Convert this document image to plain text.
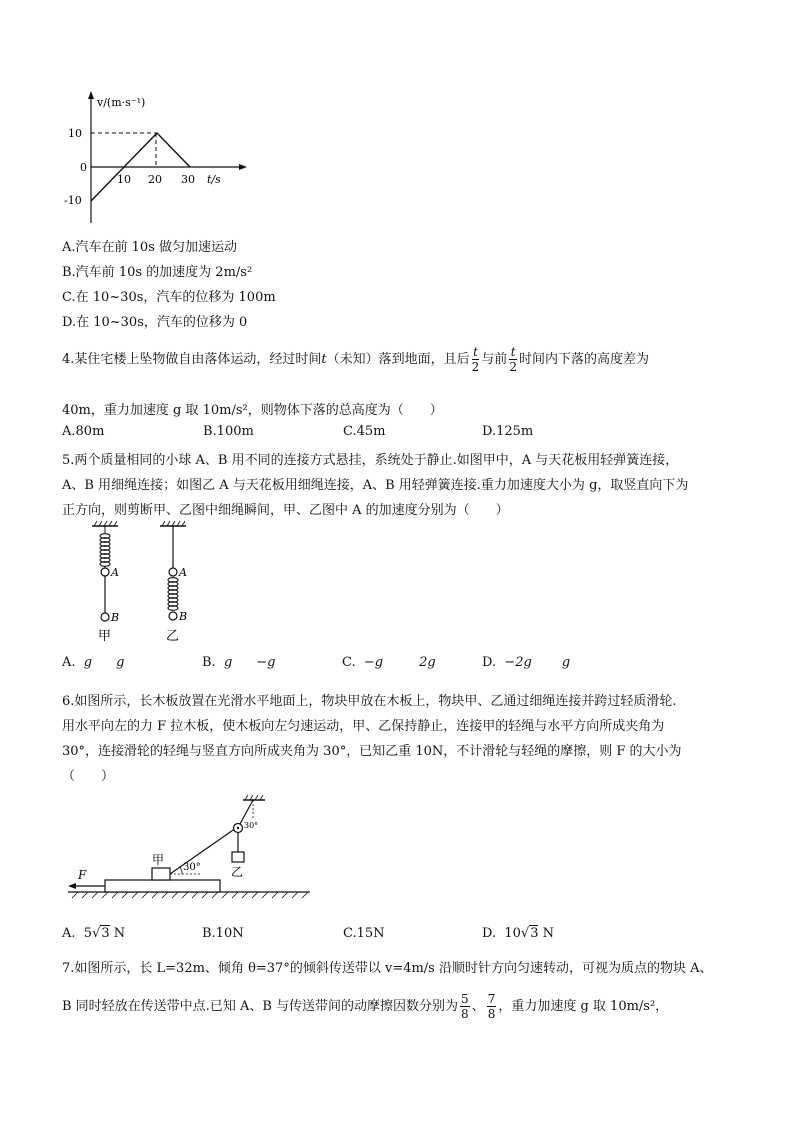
v/(m·s⁻¹)
10
0
-10
10 20 30 t/s
A.汽车在前 10s 做匀加速运动
B.汽车前 10s 的加速度为 2m/s²
C.在 10~30s，汽车的位移为 100m
D.在 10~30s，汽车的位移为 0
4.某住宅楼上坠物做自由落体运动，经过时间t（未知）落到地面，且后 $\frac{t}{2}$ 与前 $\frac{t}{2}$ 时间内下落的高度差为
40m，重力加速度 g 取 10m/s²，则物体下落的总高度为（　　）
A.80m	B.100m	C.45m	D.125m
5.两个质量相同的小球 A、B 用不同的连接方式悬挂，系统处于静止.如图甲中，A 与天花板用轻弹簧连接，
A、B 用细绳连接；如图乙 A 与天花板用细绳连接，A、B 用轻弹簧连接.重力加速度大小为 g，取竖直向下为
正方向，则剪断甲、乙图中细绳瞬间，甲、乙图中 A 的加速度分别为（　　）
A
B
甲
A
B
乙
A. g g	B. g −g	C. −g	2g	D. −2g g
6.如图所示，长木板放置在光滑水平地面上，物块甲放在木板上，物块甲、乙通过细绳连接并跨过轻质滑轮.
用水平向左的力 F 拉木板，使木板向左匀速运动，甲、乙保持静止，连接甲的轻绳与水平方向所成夹角为
30°，连接滑轮的轻绳与竖直方向所成夹角为 30°，已知乙重 10N，不计滑轮与轻绳的摩擦，则 F 的大小为
（　　）
F
甲
30°
30°
乙
A. 5√3 N	B.10N	C.15N	D. 10√3 N
7.如图所示，长 L=32m、倾角 θ=37°的倾斜传送带以 v=4m/s 沿顺时针方向匀速转动，可视为质点的物块 A、
B 同时轻放在传送带中点.已知 A、B 与传送带间的动摩擦因数分别为 $\frac{5}{8}$ 、 $\frac{7}{8}$ ，重力加速度 g 取 10m/s²，
